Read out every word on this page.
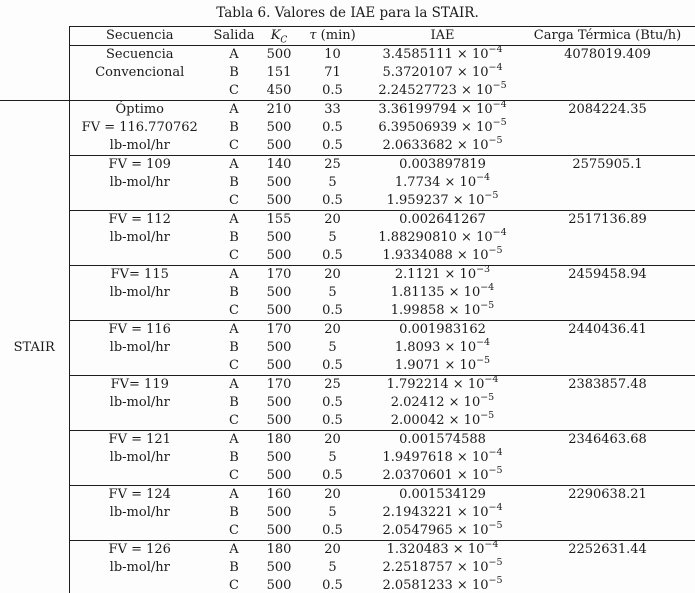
Tabla 6. Valores de IAE para la STAIR.
	Secuencia	Salida	$K_C$	τ (min)	IAE	Carga Térmica (Btu/h)
	Secuencia	A	500	10	$3.4585111 \times 10^{-4}$	4078019.409
	Convencional	B	151	71	$5.3720107 \times 10^{-4}$	
		C	450	0.5	$2.24527723 \times 10^{-5}$	
STAIR	Óptimo	A	210	33	$3.36199794 \times 10^{-4}$	2084224.35
	FV = 116.770762	B	500	0.5	$6.39506939 \times 10^{-5}$	
	lb-mol/hr	C	500	0.5	$2.0633682 \times 10^{-5}$	
	FV = 109	A	140	25	0.003897819	2575905.1
	lb-mol/hr	B	500	5	$1.7734 \times 10^{-4}$	
		C	500	0.5	$1.959237 \times 10^{-5}$	
	FV = 112	A	155	20	0.002641267	2517136.89
	lb-mol/hr	B	500	5	$1.88290810 \times 10^{-4}$	
		C	500	0.5	$1.9334088 \times 10^{-5}$	
	FV= 115	A	170	20	$2.1121 \times 10^{-3}$	2459458.94
	lb-mol/hr	B	500	5	$1.81135 \times 10^{-4}$	
		C	500	0.5	$1.99858 \times 10^{-5}$	
	FV = 116	A	170	20	0.001983162	2440436.41
	lb-mol/hr	B	500	5	$1.8093 \times 10^{-4}$	
		C	500	0.5	$1.9071 \times 10^{-5}$	
	FV= 119	A	170	25	$1.792214 \times 10^{-4}$	2383857.48
	lb-mol/hr	B	500	0.5	$2.02412 \times 10^{-5}$	
		C	500	0.5	$2.00042 \times 10^{-5}$	
	FV = 121	A	180	20	0.001574588	2346463.68
	lb-mol/hr	B	500	5	$1.9497618 \times 10^{-4}$	
		C	500	0.5	$2.0370601 \times 10^{-5}$	
	FV = 124	A	160	20	0.001534129	2290638.21
	lb-mol/hr	B	500	5	$2.1943221 \times 10^{-4}$	
		C	500	0.5	$2.0547965 \times 10^{-5}$	
	FV = 126	A	180	20	$1.320483 \times 10^{-4}$	2252631.44
	lb-mol/hr	B	500	5	$2.2518757 \times 10^{-5}$	
		C	500	0.5	$2.0581233 \times 10^{-5}$	
